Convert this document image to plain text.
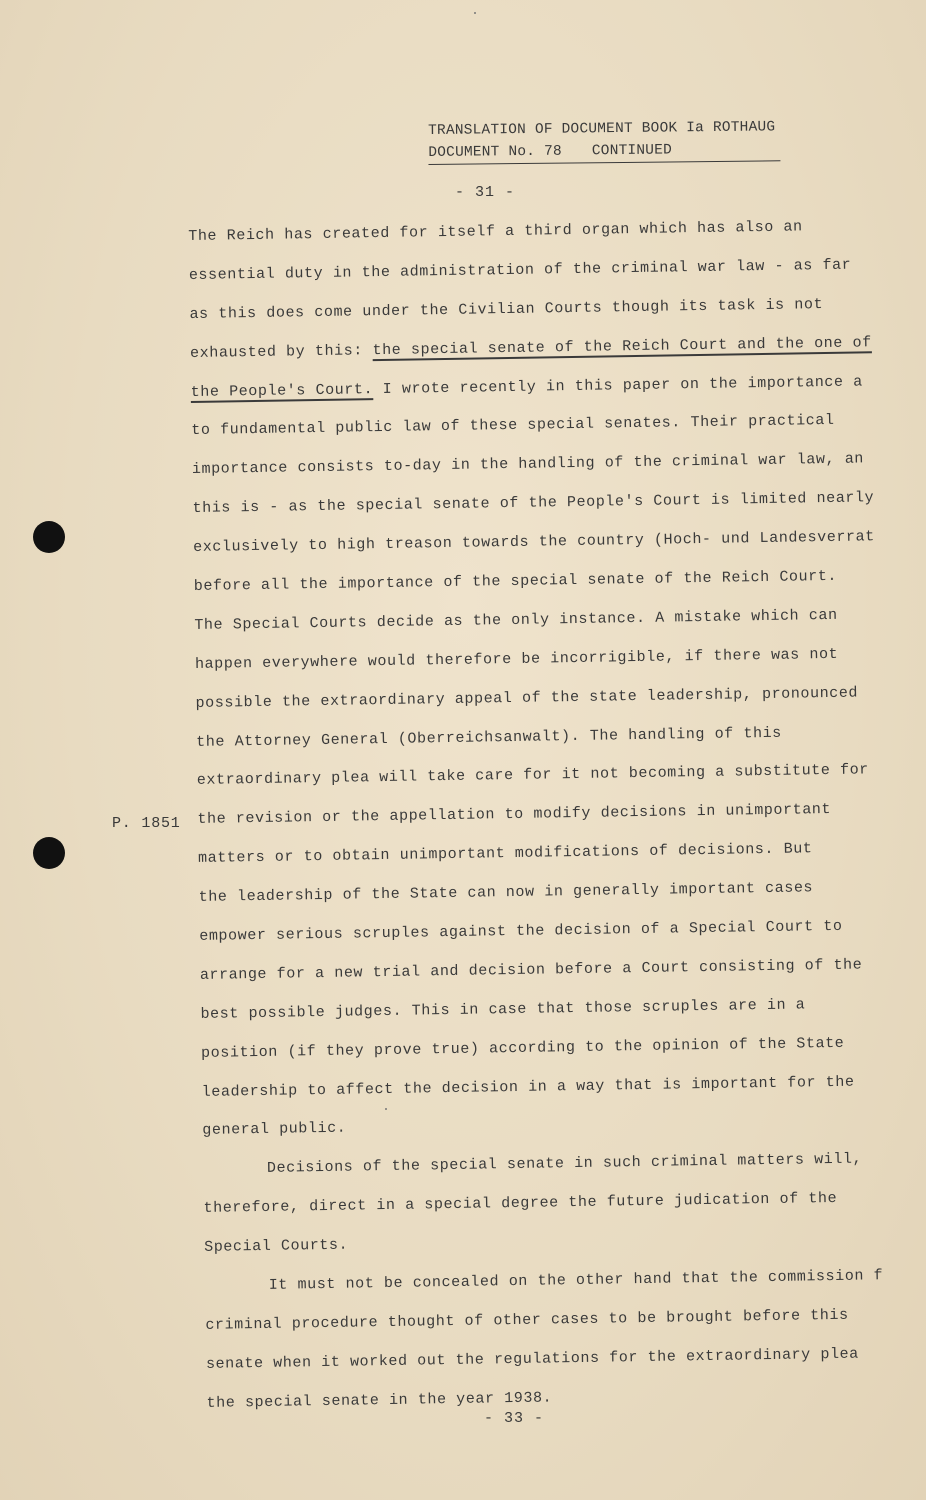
TRANSLATION OF DOCUMENT BOOK Ia ROTHAUG
DOCUMENT No. 78 CONTINUED
- 31 -
P. 1851
The Reich has created for itself a third organ which has also an
essential duty in the administration of the criminal war law - as far
as this does come under the Civilian Courts though its task is not
exhausted by this: the special senate of the Reich Court and the one of
the People's Court. I wrote recently in this paper on the importance a
to fundamental public law of these special senates. Their practical
importance consists to-day in the handling of the criminal war law, an
this is - as the special senate of the People's Court is limited nearly
exclusively to high treason towards the country (Hoch- und Landesverrat
before all the importance of the special senate of the Reich Court.
The Special Courts decide as the only instance. A mistake which can
happen everywhere would therefore be incorrigible, if there was not
possible the extraordinary appeal of the state leadership, pronounced
the Attorney General (Oberreichsanwalt). The handling of this
extraordinary plea will take care for it not becoming a substitute for
the revision or the appellation to modify decisions in unimportant
matters or to obtain unimportant modifications of decisions. But
the leadership of the State can now in generally important cases
empower serious scruples against the decision of a Special Court to
arrange for a new trial and decision before a Court consisting of the
best possible judges. This in case that those scruples are in a
position (if they prove true) according to the opinion of the State
leadership to affect the decision in a way that is important for the
general public.
Decisions of the special senate in such criminal matters will,
therefore, direct in a special degree the future judication of the
Special Courts.
It must not be concealed on the other hand that the commission f
criminal procedure thought of other cases to be brought before this
senate when it worked out the regulations for the extraordinary plea
the special senate in the year 1938.
- 33 -
